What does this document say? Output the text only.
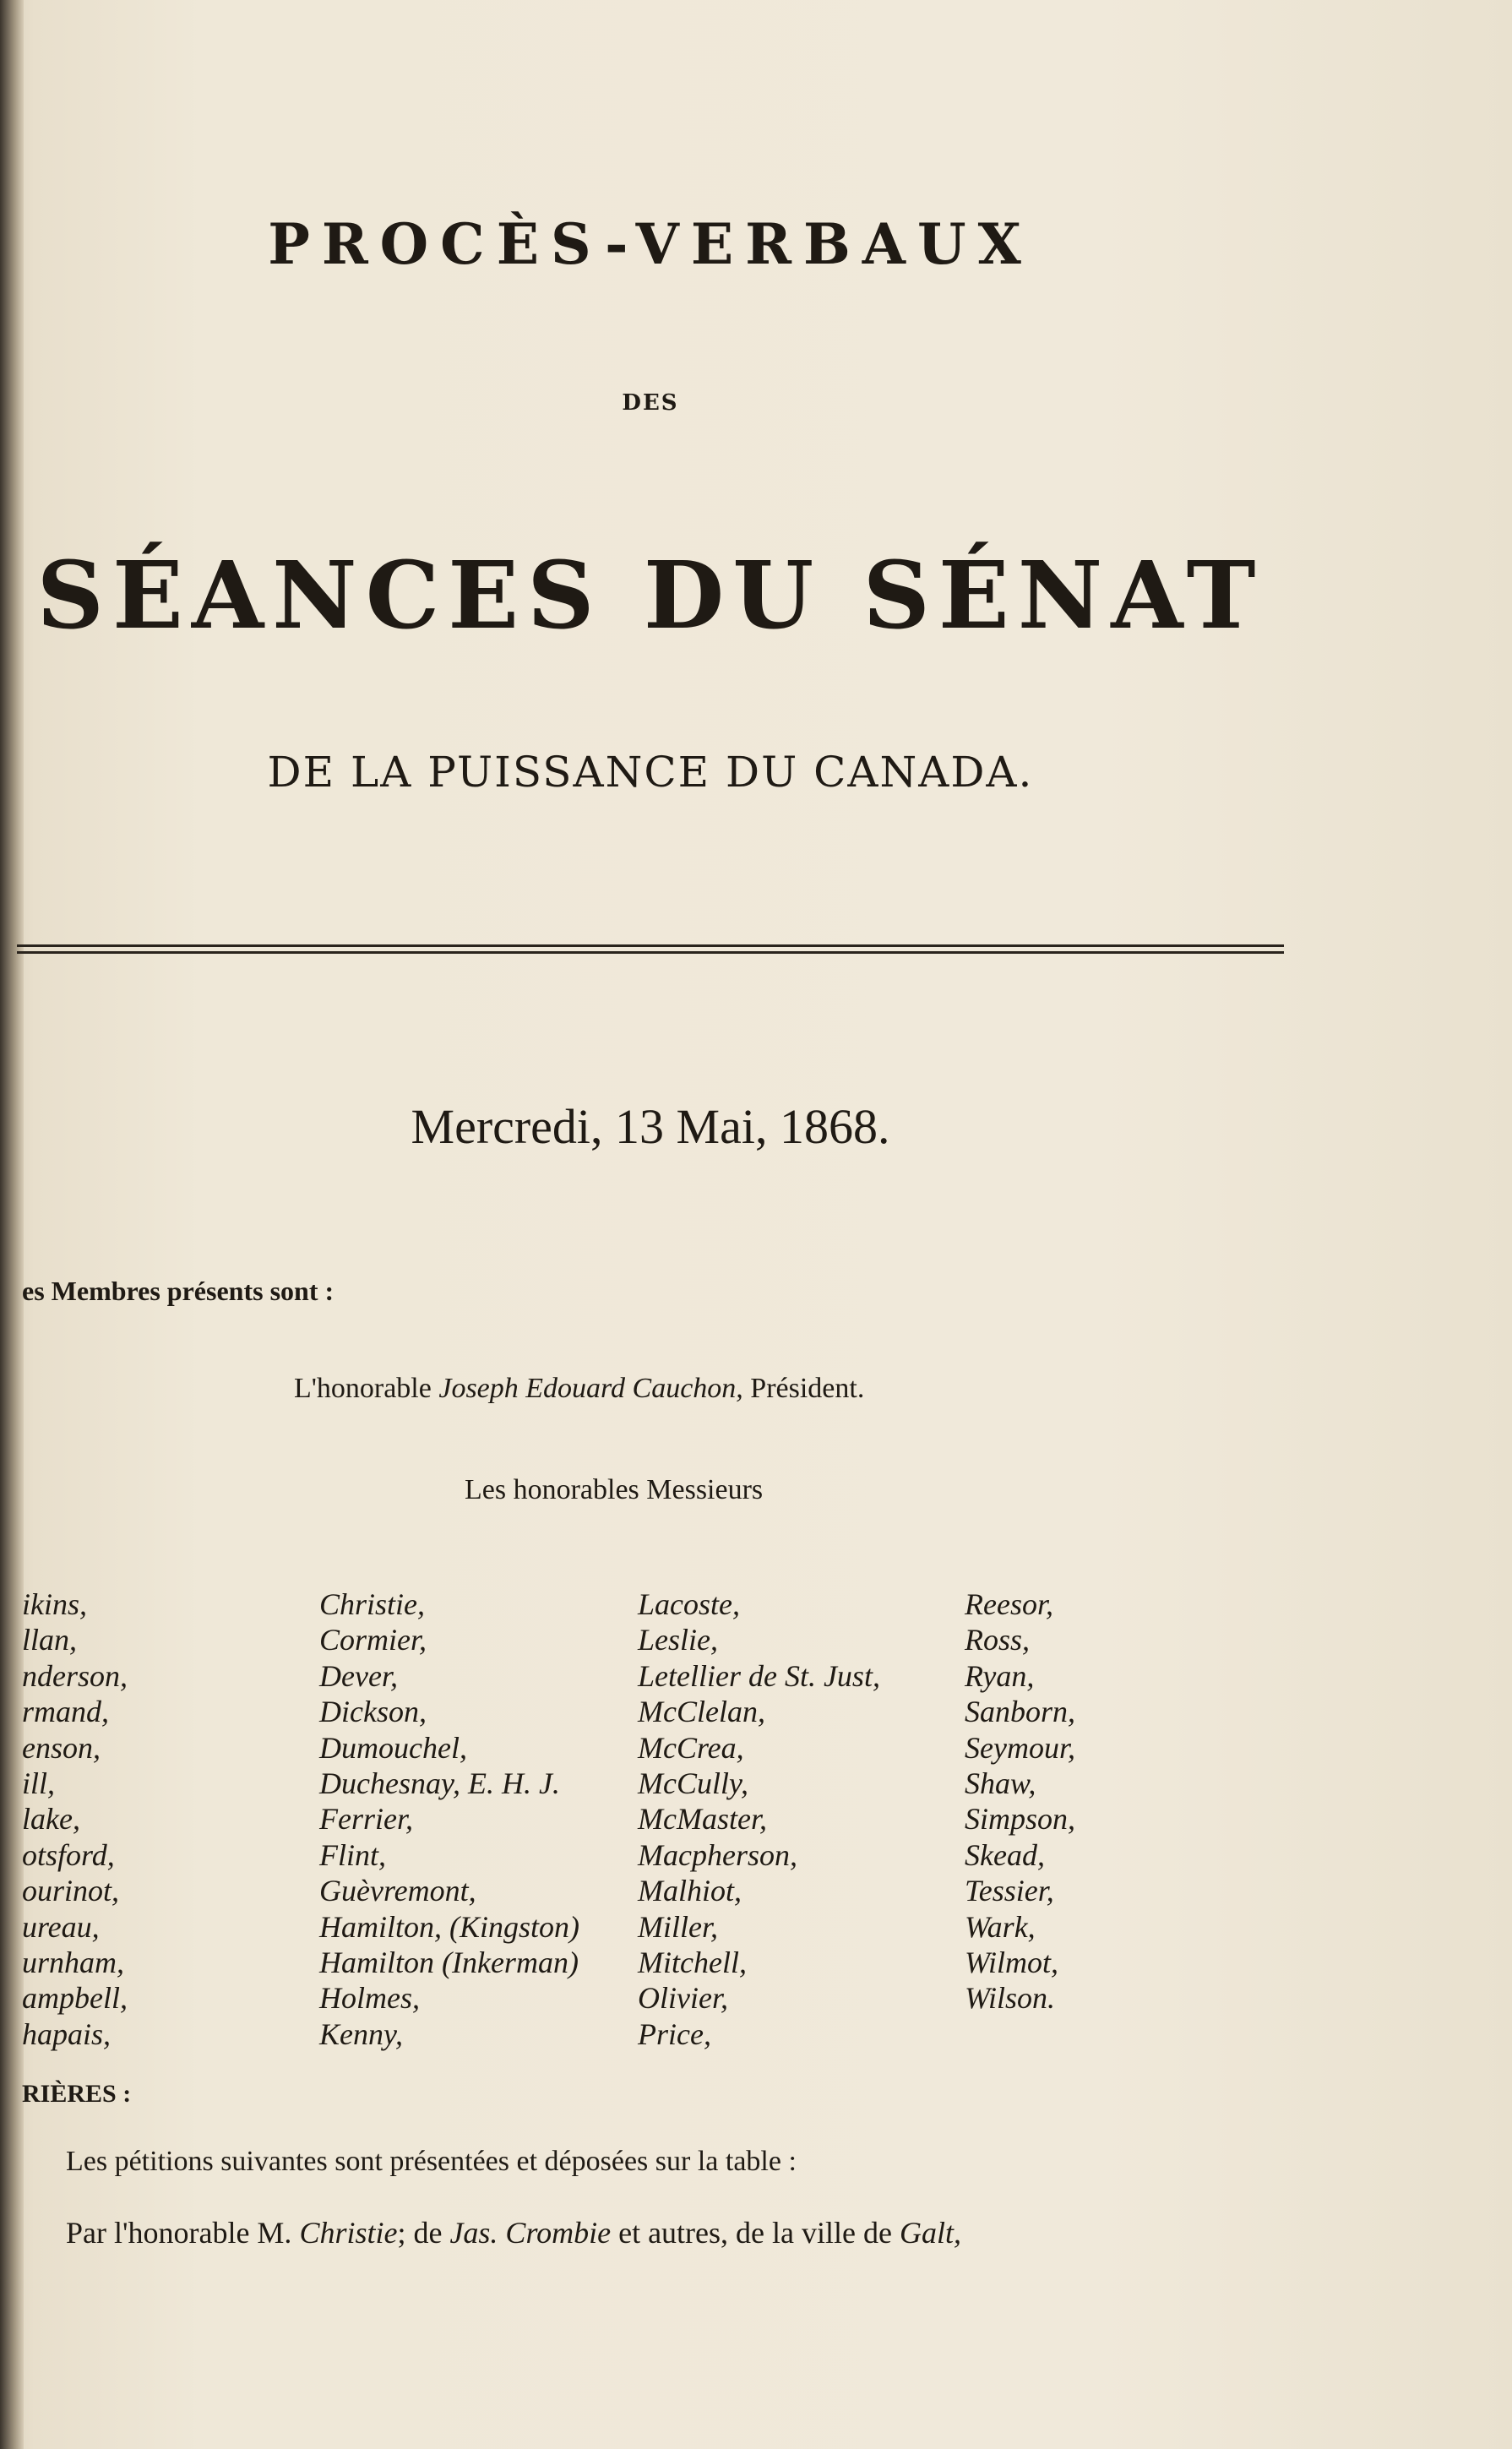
PROCÈS-VERBAUX
DES
SÉANCES DU SÉNAT
DE LA PUISSANCE DU CANADA.
Mercredi, 13 Mai, 1868.
es Membres présents sont :
L'honorable Joseph Edouard Cauchon, Président.
Les honorables Messieurs
ikins,
llan,
nderson,
rmand,
enson,
ill,
lake,
otsford,
ourinot,
ureau,
urnham,
ampbell,
hapais,
Christie,
Cormier,
Dever,
Dickson,
Dumouchel,
Duchesnay, E. H. J.
Ferrier,
Flint,
Guèvremont,
Hamilton, (Kingston)
Hamilton (Inkerman)
Holmes,
Kenny,
Lacoste,
Leslie,
Letellier de St. Just,
McClelan,
McCrea,
McCully,
McMaster,
Macpherson,
Malhiot,
Miller,
Mitchell,
Olivier,
Price,
Reesor,
Ross,
Ryan,
Sanborn,
Seymour,
Shaw,
Simpson,
Skead,
Tessier,
Wark,
Wilmot,
Wilson.
RIÈRES :
Les pétitions suivantes sont présentées et déposées sur la table :
Par l'honorable M. Christie; de Jas. Crombie et autres, de la ville de Galt,
